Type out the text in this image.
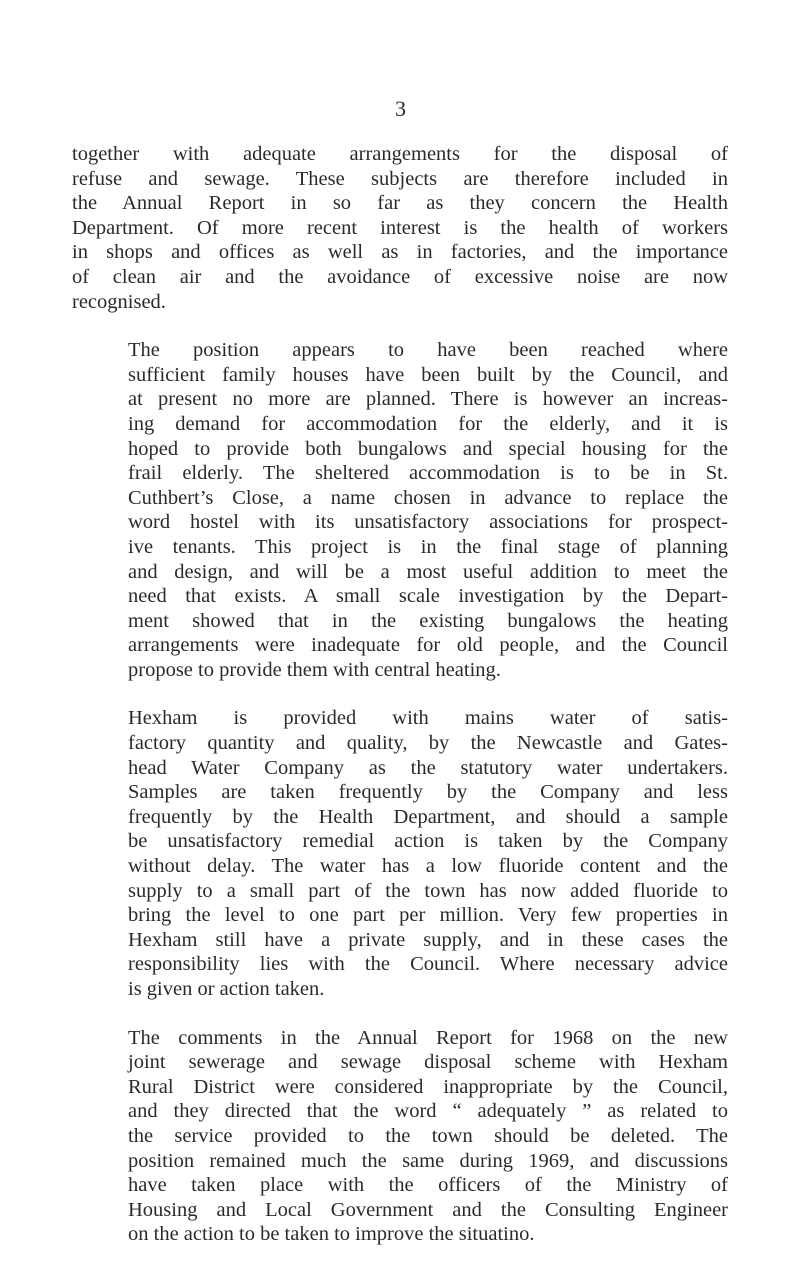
3

together with adequate arrangements for the disposal of
refuse and sewage. These subjects are therefore included in
the Annual Report in so far as they concern the Health
Department. Of more recent interest is the health of workers
in shops and offices as well as in factories, and the importance
of clean air and the avoidance of excessive noise are now
recognised.

The position appears to have been reached where
sufficient family houses have been built by the Council, and
at present no more are planned. There is however an increas-
ing demand for accommodation for the elderly, and it is
hoped to provide both bungalows and special housing for the
frail elderly. The sheltered accommodation is to be in St.
Cuthbert’s Close, a name chosen in advance to replace the
word hostel with its unsatisfactory associations for prospect-
ive tenants. This project is in the final stage of planning
and design, and will be a most useful addition to meet the
need that exists. A small scale investigation by the Depart-
ment showed that in the existing bungalows the heating
arrangements were inadequate for old people, and the Council
propose to provide them with central heating.

Hexham is provided with mains water of satis-
factory quantity and quality, by the Newcastle and Gates-
head Water Company as the statutory water undertakers.
Samples are taken frequently by the Company and less
frequently by the Health Department, and should a sample
be unsatisfactory remedial action is taken by the Company
without delay. The water has a low fluoride content and the
supply to a small part of the town has now added fluoride to
bring the level to one part per million. Very few properties in
Hexham still have a private supply, and in these cases the
responsibility lies with the Council. Where necessary advice
is given or action taken.

The comments in the Annual Report for 1968 on the new
joint sewerage and sewage disposal scheme with Hexham
Rural District were considered inappropriate by the Council,
and they directed that the word “ adequately ” as related to
the service provided to the town should be deleted. The
position remained much the same during 1969, and discussions
have taken place with the officers of the Ministry of
Housing and Local Government and the Consulting Engineer
on the action to be taken to improve the situatino.
